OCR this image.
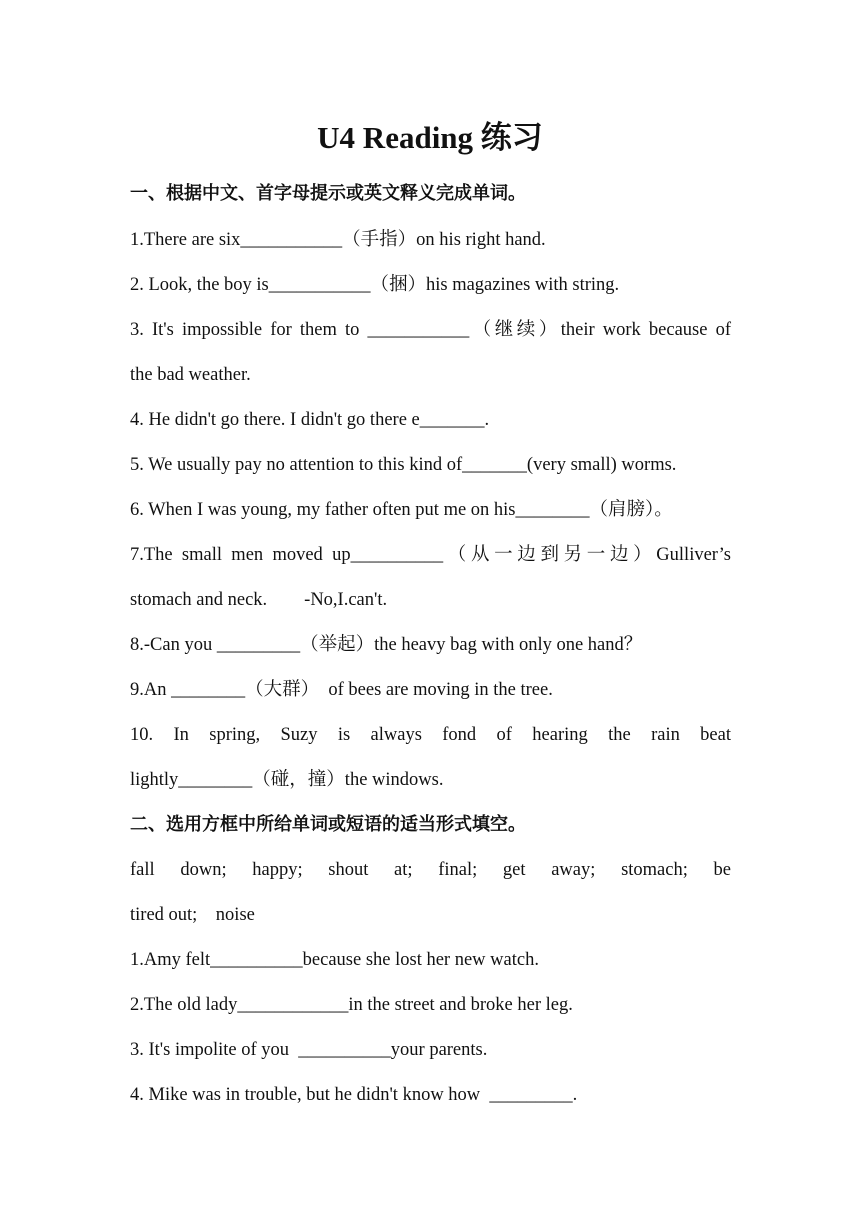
U4 Reading 练习
一、根据中文、首字母提示或英文释义完成单词。
1.There are six___________（手指）on his right hand.
2. Look, the boy is___________（捆）his magazines with string.
3. It's impossible for them to ___________（继续）their work because of
the bad weather.
4. He didn't go there. I didn't go there e_______.
5. We usually pay no attention to this kind of_______(very small) worms.
6. When I was young, my father often put me on his________（肩膀）。
7.The small men moved up__________（从一边到另一边）Gulliver’s
stomach and neck.        -No,I.can't.
8.-Can you _________（举起）the heavy bag with only one hand？
9.An ________（大群）  of bees are moving in the tree.
10. In spring, Suzy is always fond of hearing the rain beat
lightly________（碰，撞）the windows.
二、选用方框中所给单词或短语的适当形式填空。
fall down; happy; shout at; final; get away; stomach; be
tired out;    noise
1.Amy felt__________because she lost her new watch.
2.The old lady____________in the street and broke her leg.
3. It's impolite of you  __________your parents.
4. Mike was in trouble, but he didn't know how  _________.
